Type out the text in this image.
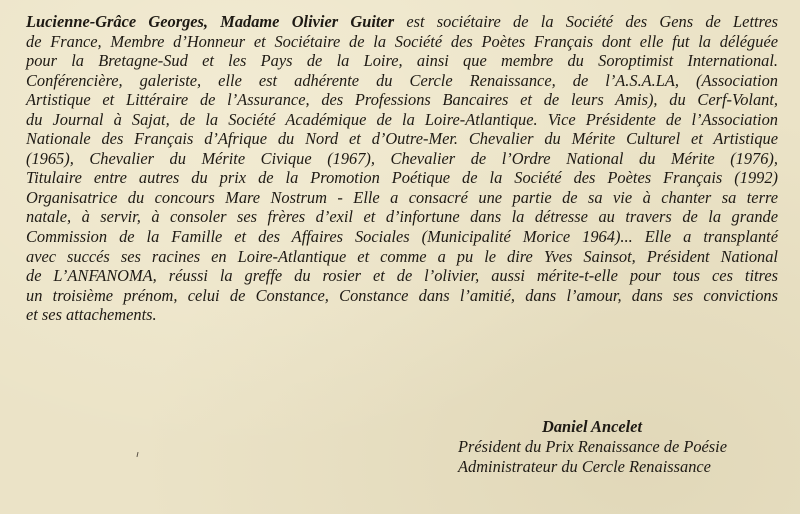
Lucienne-Grâce Georges, Madame Olivier Guiter est sociétaire de la Société des Gens de Lettres
de France, Membre d’Honneur et Sociétaire de la Société des Poètes Français dont elle fut la déléguée
pour la Bretagne-Sud et les Pays de la Loire, ainsi que membre du Soroptimist International.
Conférencière, galeriste, elle est adhérente du Cercle Renaissance, de l’A.S.A.LA, (Association
Artistique et Littéraire de l’Assurance, des Professions Bancaires et de leurs Amis), du Cerf-Volant,
du Journal à Sajat, de la Société Académique de la Loire-Atlantique. Vice Présidente de l’Association
Nationale des Français d’Afrique du Nord et d’Outre-Mer. Chevalier du Mérite Culturel et Artistique
(1965), Chevalier du Mérite Civique (1967), Chevalier de l’Ordre National du Mérite (1976),
Titulaire entre autres du prix de la Promotion Poétique de la Société des Poètes Français (1992)
Organisatrice du concours Mare Nostrum - Elle a consacré une partie de sa vie à chanter sa terre
natale, à servir, à consoler ses frères d’exil et d’infortune dans la détresse au travers de la grande
Commission de la Famille et des Affaires Sociales (Municipalité Morice 1964)... Elle a transplanté
avec succés ses racines en Loire-Atlantique et comme a pu le dire Yves Sainsot, Président National
de L’ANFANOMA, réussi la greffe du rosier et de l’olivier, aussi mérite-t-elle pour tous ces titres
un troisième prénom, celui de Constance, Constance dans l’amitié, dans l’amour, dans ses convictions
et ses attachements.

Daniel Ancelet
Président du Prix Renaissance de Poésie
Administrateur du Cercle Renaissance
